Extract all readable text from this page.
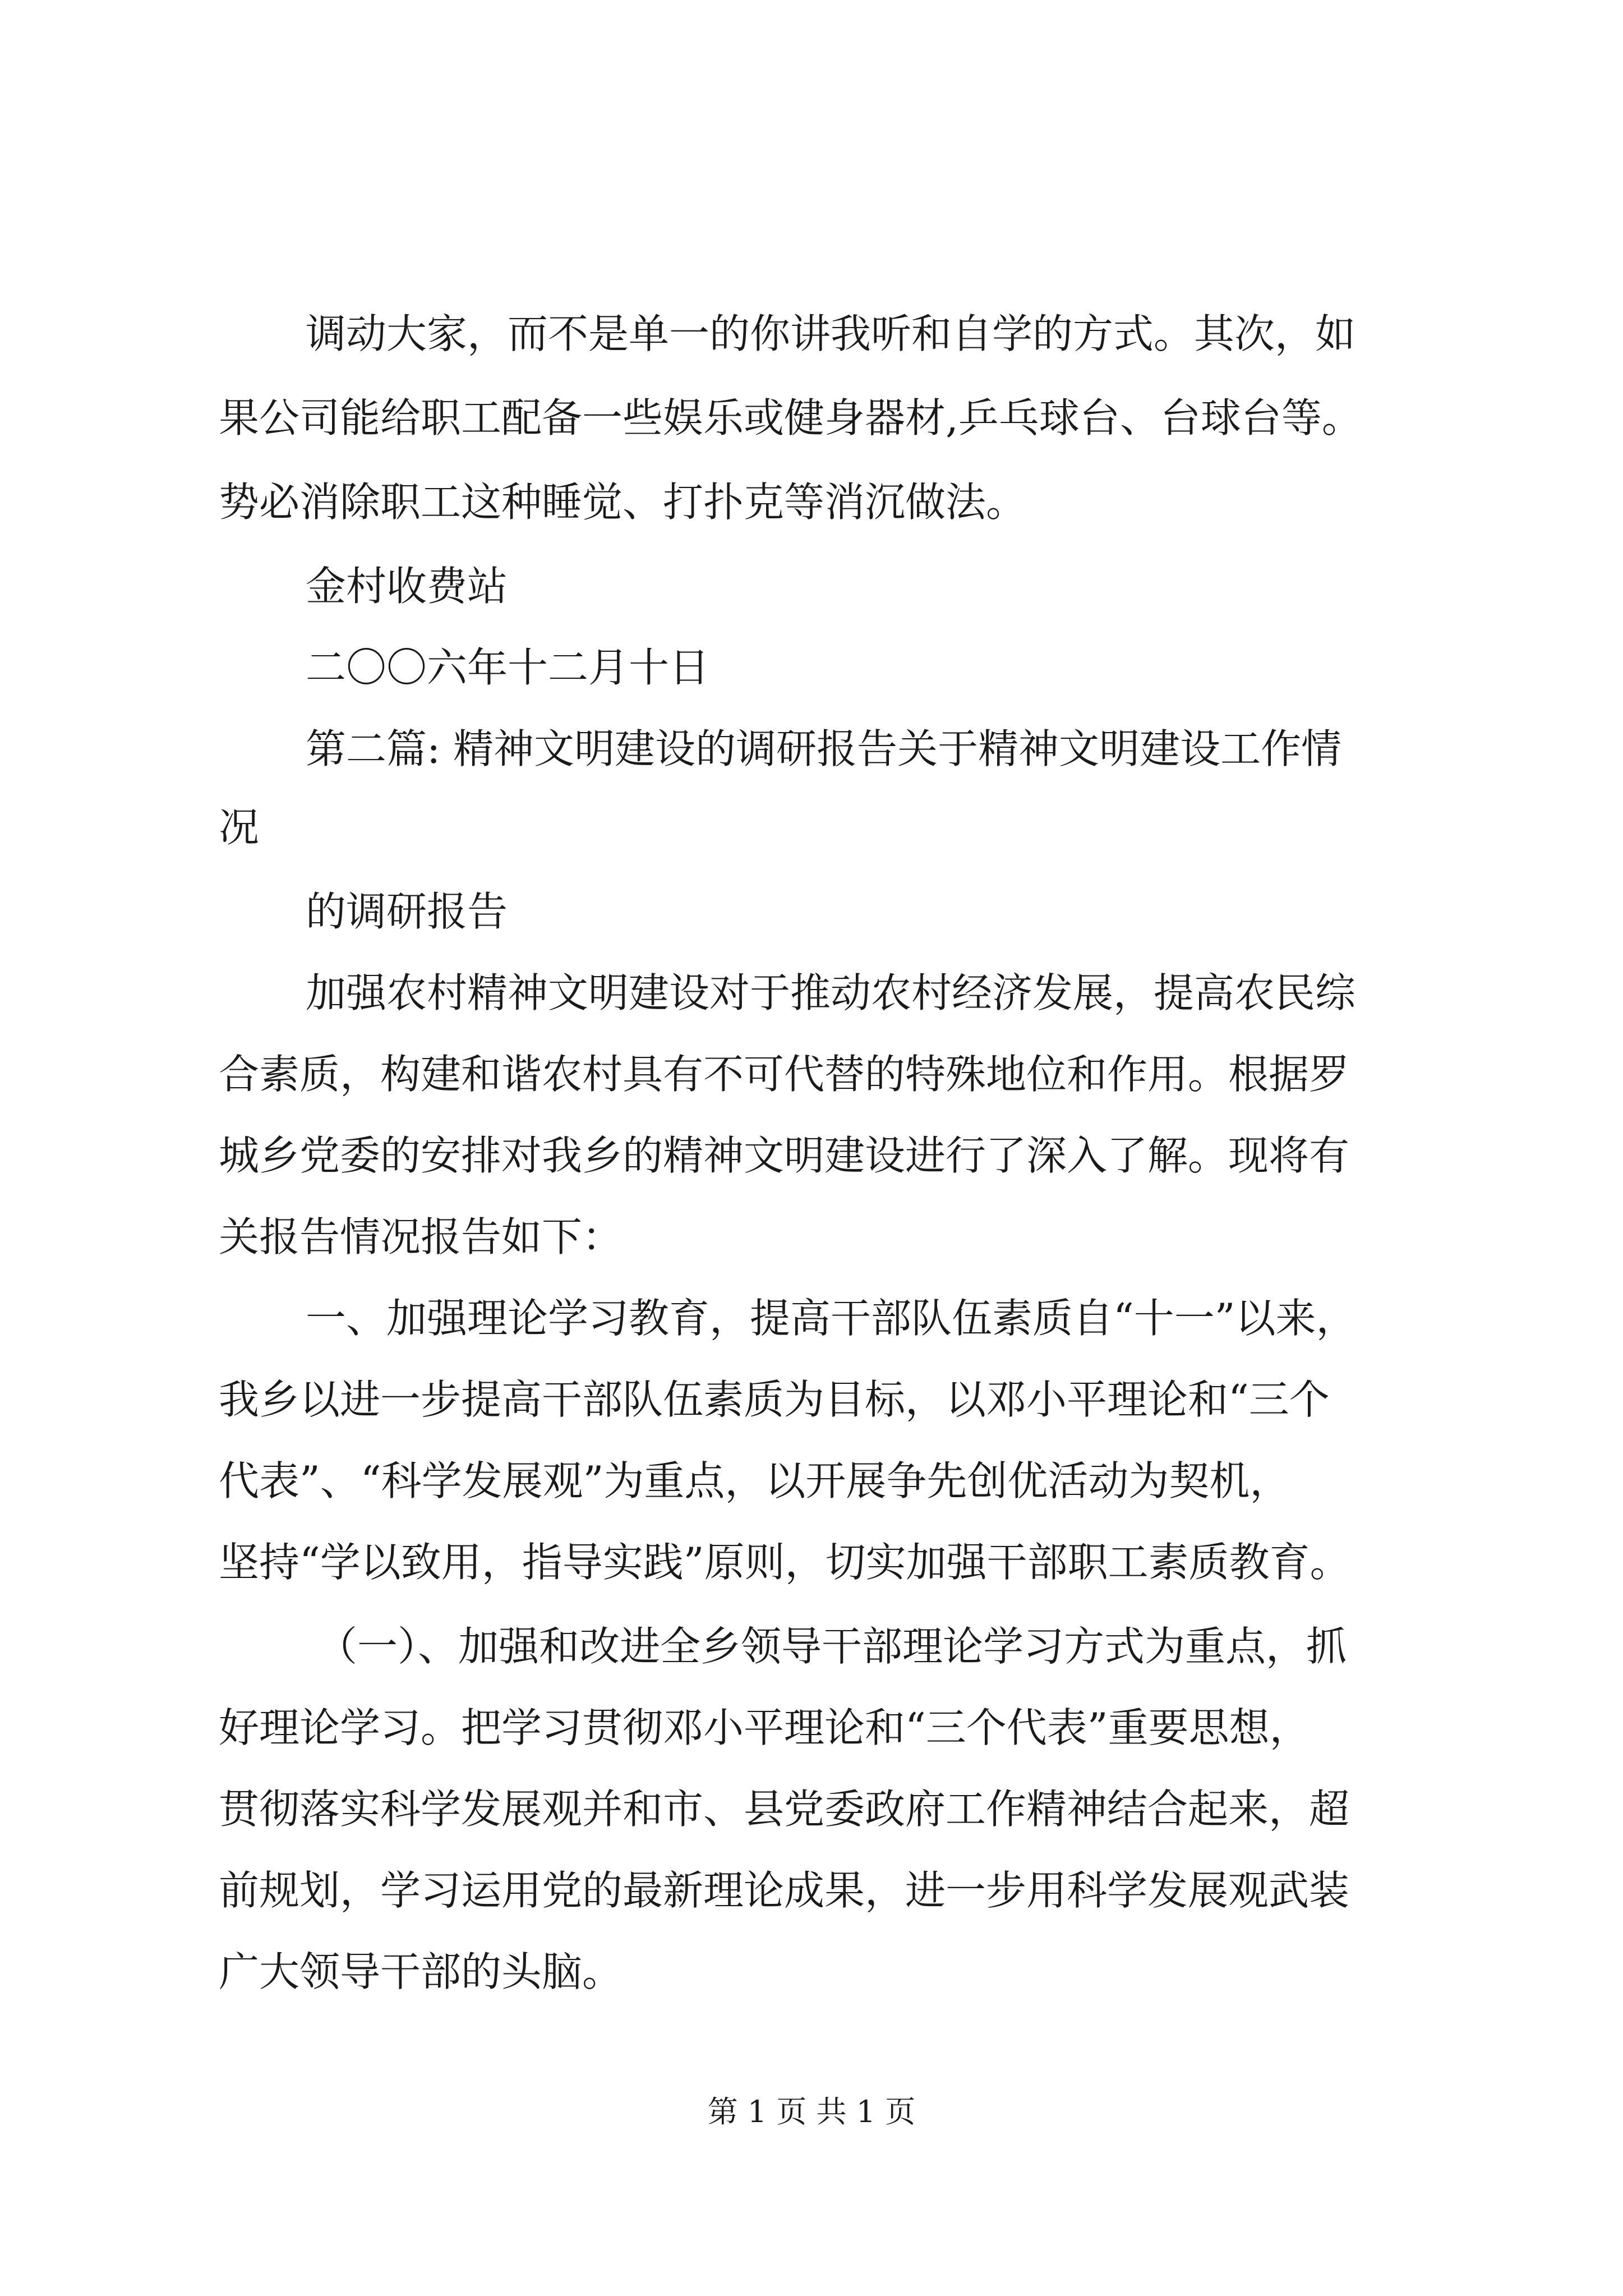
调动大家，而不是单一的你讲我听和自学的方式。其次，如
果公司能给职工配备一些娱乐或健身器材,乒乓球台、台球台等。
势必消除职工这种睡觉、打扑克等消沉做法。
金村收费站
二〇〇六年十二月十日
第二篇: 精神文明建设的调研报告关于精神文明建设工作情
况
的调研报告
加强农村精神文明建设对于推动农村经济发展，提高农民综
合素质，构建和谐农村具有不可代替的特殊地位和作用。根据罗
城乡党委的安排对我乡的精神文明建设进行了深入了解。现将有
关报告情况报告如下：
一、加强理论学习教育，提高干部队伍素质自“十一”以来，
我乡以进一步提高干部队伍素质为目标，以邓小平理论和“三个
代表”、“科学发展观”为重点，以开展争先创优活动为契机，
坚持“学以致用，指导实践”原则，切实加强干部职工素质教育。
（一）、加强和改进全乡领导干部理论学习方式为重点，抓
好理论学习。把学习贯彻邓小平理论和“三个代表”重要思想，
贯彻落实科学发展观并和市、县党委政府工作精神结合起来，超
前规划，学习运用党的最新理论成果，进一步用科学发展观武装
广大领导干部的头脑。
第 1 页 共 1 页
